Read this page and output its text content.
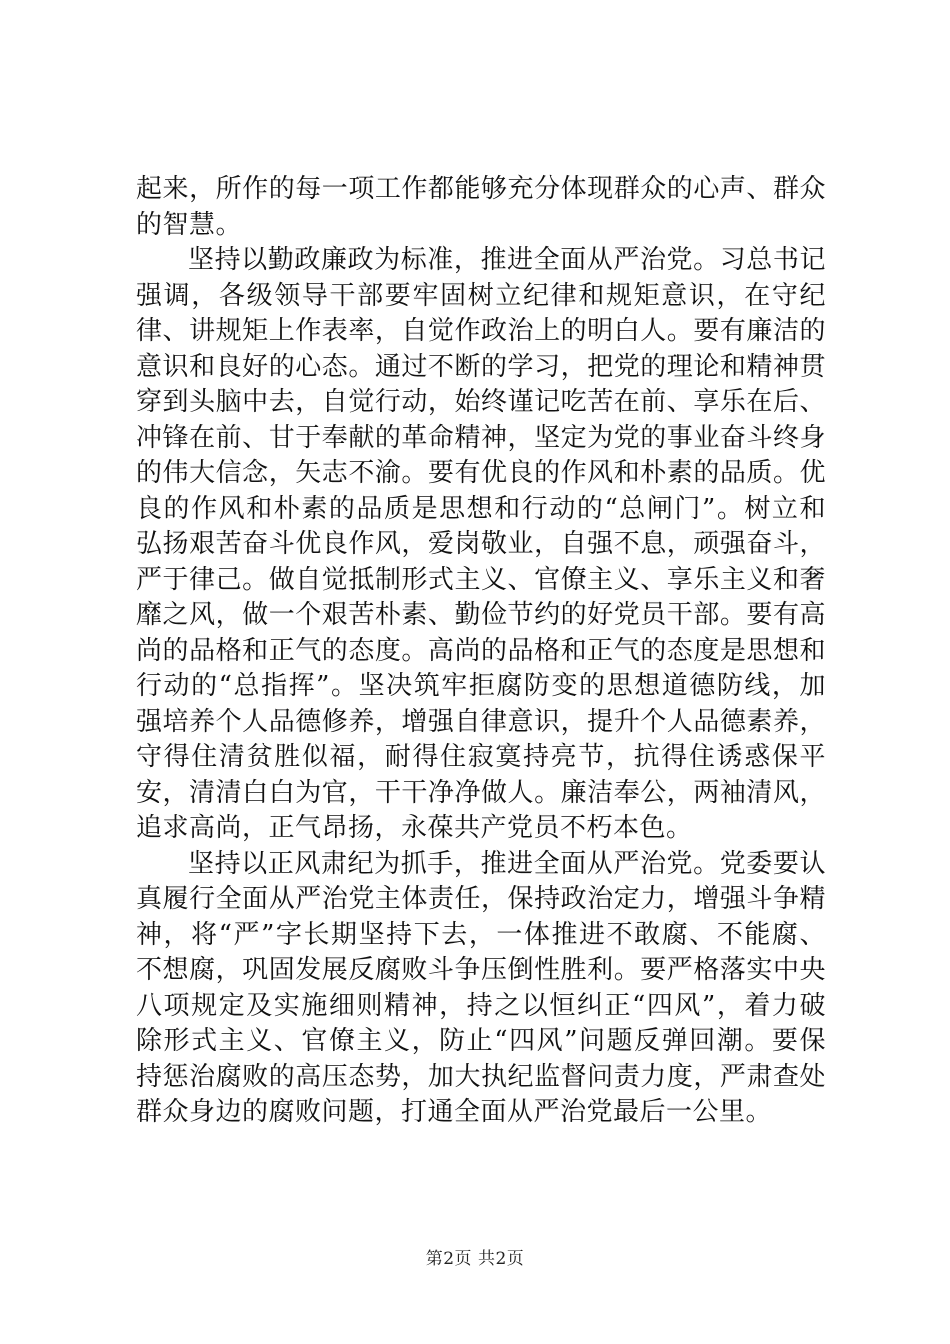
起来，所作的每一项工作都能够充分体现群众的心声、群众的智慧。

坚持以勤政廉政为标准，推进全面从严治党。习总书记强调，各级领导干部要牢固树立纪律和规矩意识，在守纪律、讲规矩上作表率，自觉作政治上的明白人。要有廉洁的意识和良好的心态。通过不断的学习，把党的理论和精神贯穿到头脑中去，自觉行动，始终谨记吃苦在前、享乐在后、冲锋在前、甘于奉献的革命精神，坚定为党的事业奋斗终身的伟大信念，矢志不渝。要有优良的作风和朴素的品质。优良的作风和朴素的品质是思想和行动的“总闸门”。树立和弘扬艰苦奋斗优良作风，爱岗敬业，自强不息，顽强奋斗，严于律己。做自觉抵制形式主义、官僚主义、享乐主义和奢靡之风，做一个艰苦朴素、勤俭节约的好党员干部。要有高尚的品格和正气的态度。高尚的品格和正气的态度是思想和行动的“总指挥”。坚决筑牢拒腐防变的思想道德防线，加强培养个人品德修养，增强自律意识，提升个人品德素养，守得住清贫胜似福，耐得住寂寞持亮节，抗得住诱惑保平安，清清白白为官，干干净净做人。廉洁奉公，两袖清风，追求高尚，正气昂扬，永葆共产党员不朽本色。

坚持以正风肃纪为抓手，推进全面从严治党。党委要认真履行全面从严治党主体责任，保持政治定力，增强斗争精神，将“严”字长期坚持下去，一体推进不敢腐、不能腐、不想腐，巩固发展反腐败斗争压倒性胜利。要严格落实中央八项规定及实施细则精神，持之以恒纠正“四风”，着力破除形式主义、官僚主义，防止“四风”问题反弹回潮。要保持惩治腐败的高压态势，加大执纪监督问责力度，严肃查处群众身边的腐败问题，打通全面从严治党最后一公里。

第2页 共2页
